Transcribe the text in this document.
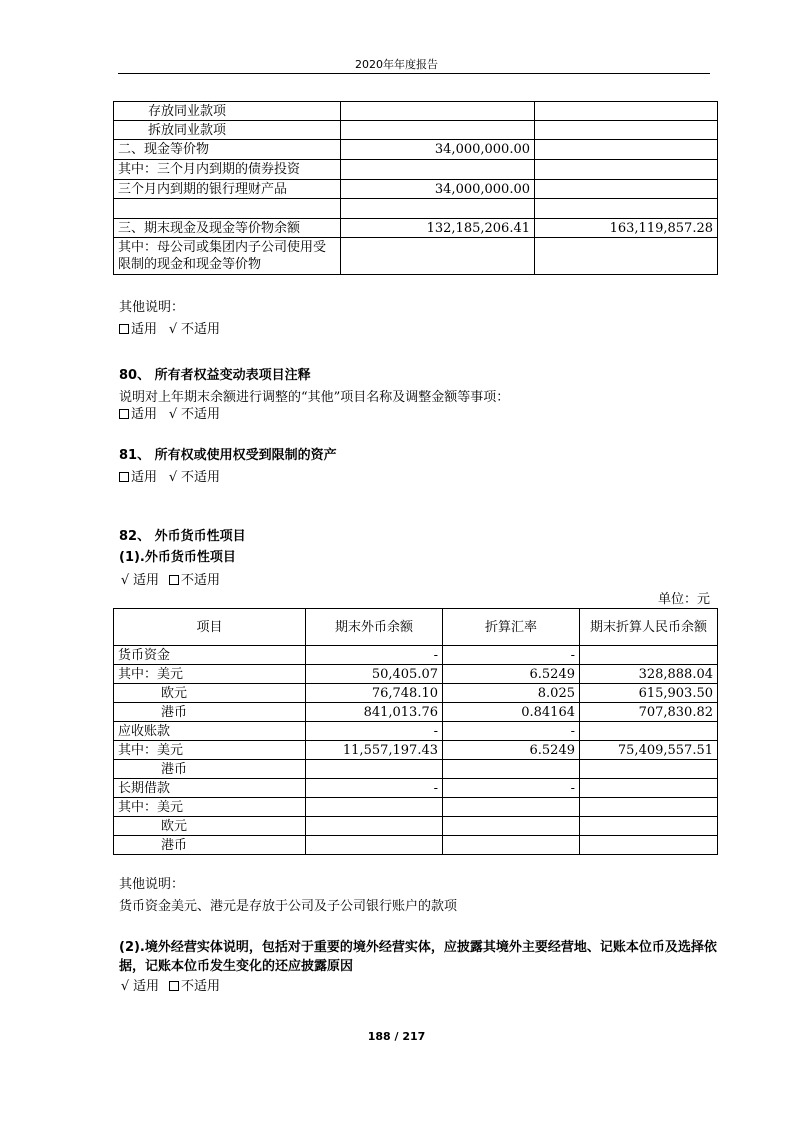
2020年年度报告
存放同业款项		
拆放同业款项		
二、现金等价物	34,000,000.00	
其中：三个月内到期的债券投资		
三个月内到期的银行理财产品	34,000,000.00	

三、期末现金及现金等价物余额	132,185,206.41	163,119,857.28
其中：母公司或集团内子公司使用受限制的现金和现金等价物		
其他说明：
适用 √ 不适用
80、 所有者权益变动表项目注释
说明对上年期末余额进行调整的“其他”项目名称及调整金额等事项：
适用 √ 不适用
81、 所有权或使用权受到限制的资产
适用 √ 不适用
82、 外币货币性项目
(1).外币货币性项目
√ 适用 不适用
单位：元
项目	期末外币余额	折算汇率	期末折算人民币余额
货币资金	-	-	
其中：美元	50,405.07	6.5249	328,888.04
欧元	76,748.10	8.025	615,903.50
港币	841,013.76	0.84164	707,830.82
应收账款	-	-	
其中：美元	11,557,197.43	6.5249	75,409,557.51
港币			
长期借款	-	-	
其中：美元			
欧元			
港币			
其他说明：
货币资金美元、港元是存放于公司及子公司银行账户的款项
(2).境外经营实体说明，包括对于重要的境外经营实体，应披露其境外主要经营地、记账本位币及选择依据，记账本位币发生变化的还应披露原因
√ 适用 不适用
188 / 217
